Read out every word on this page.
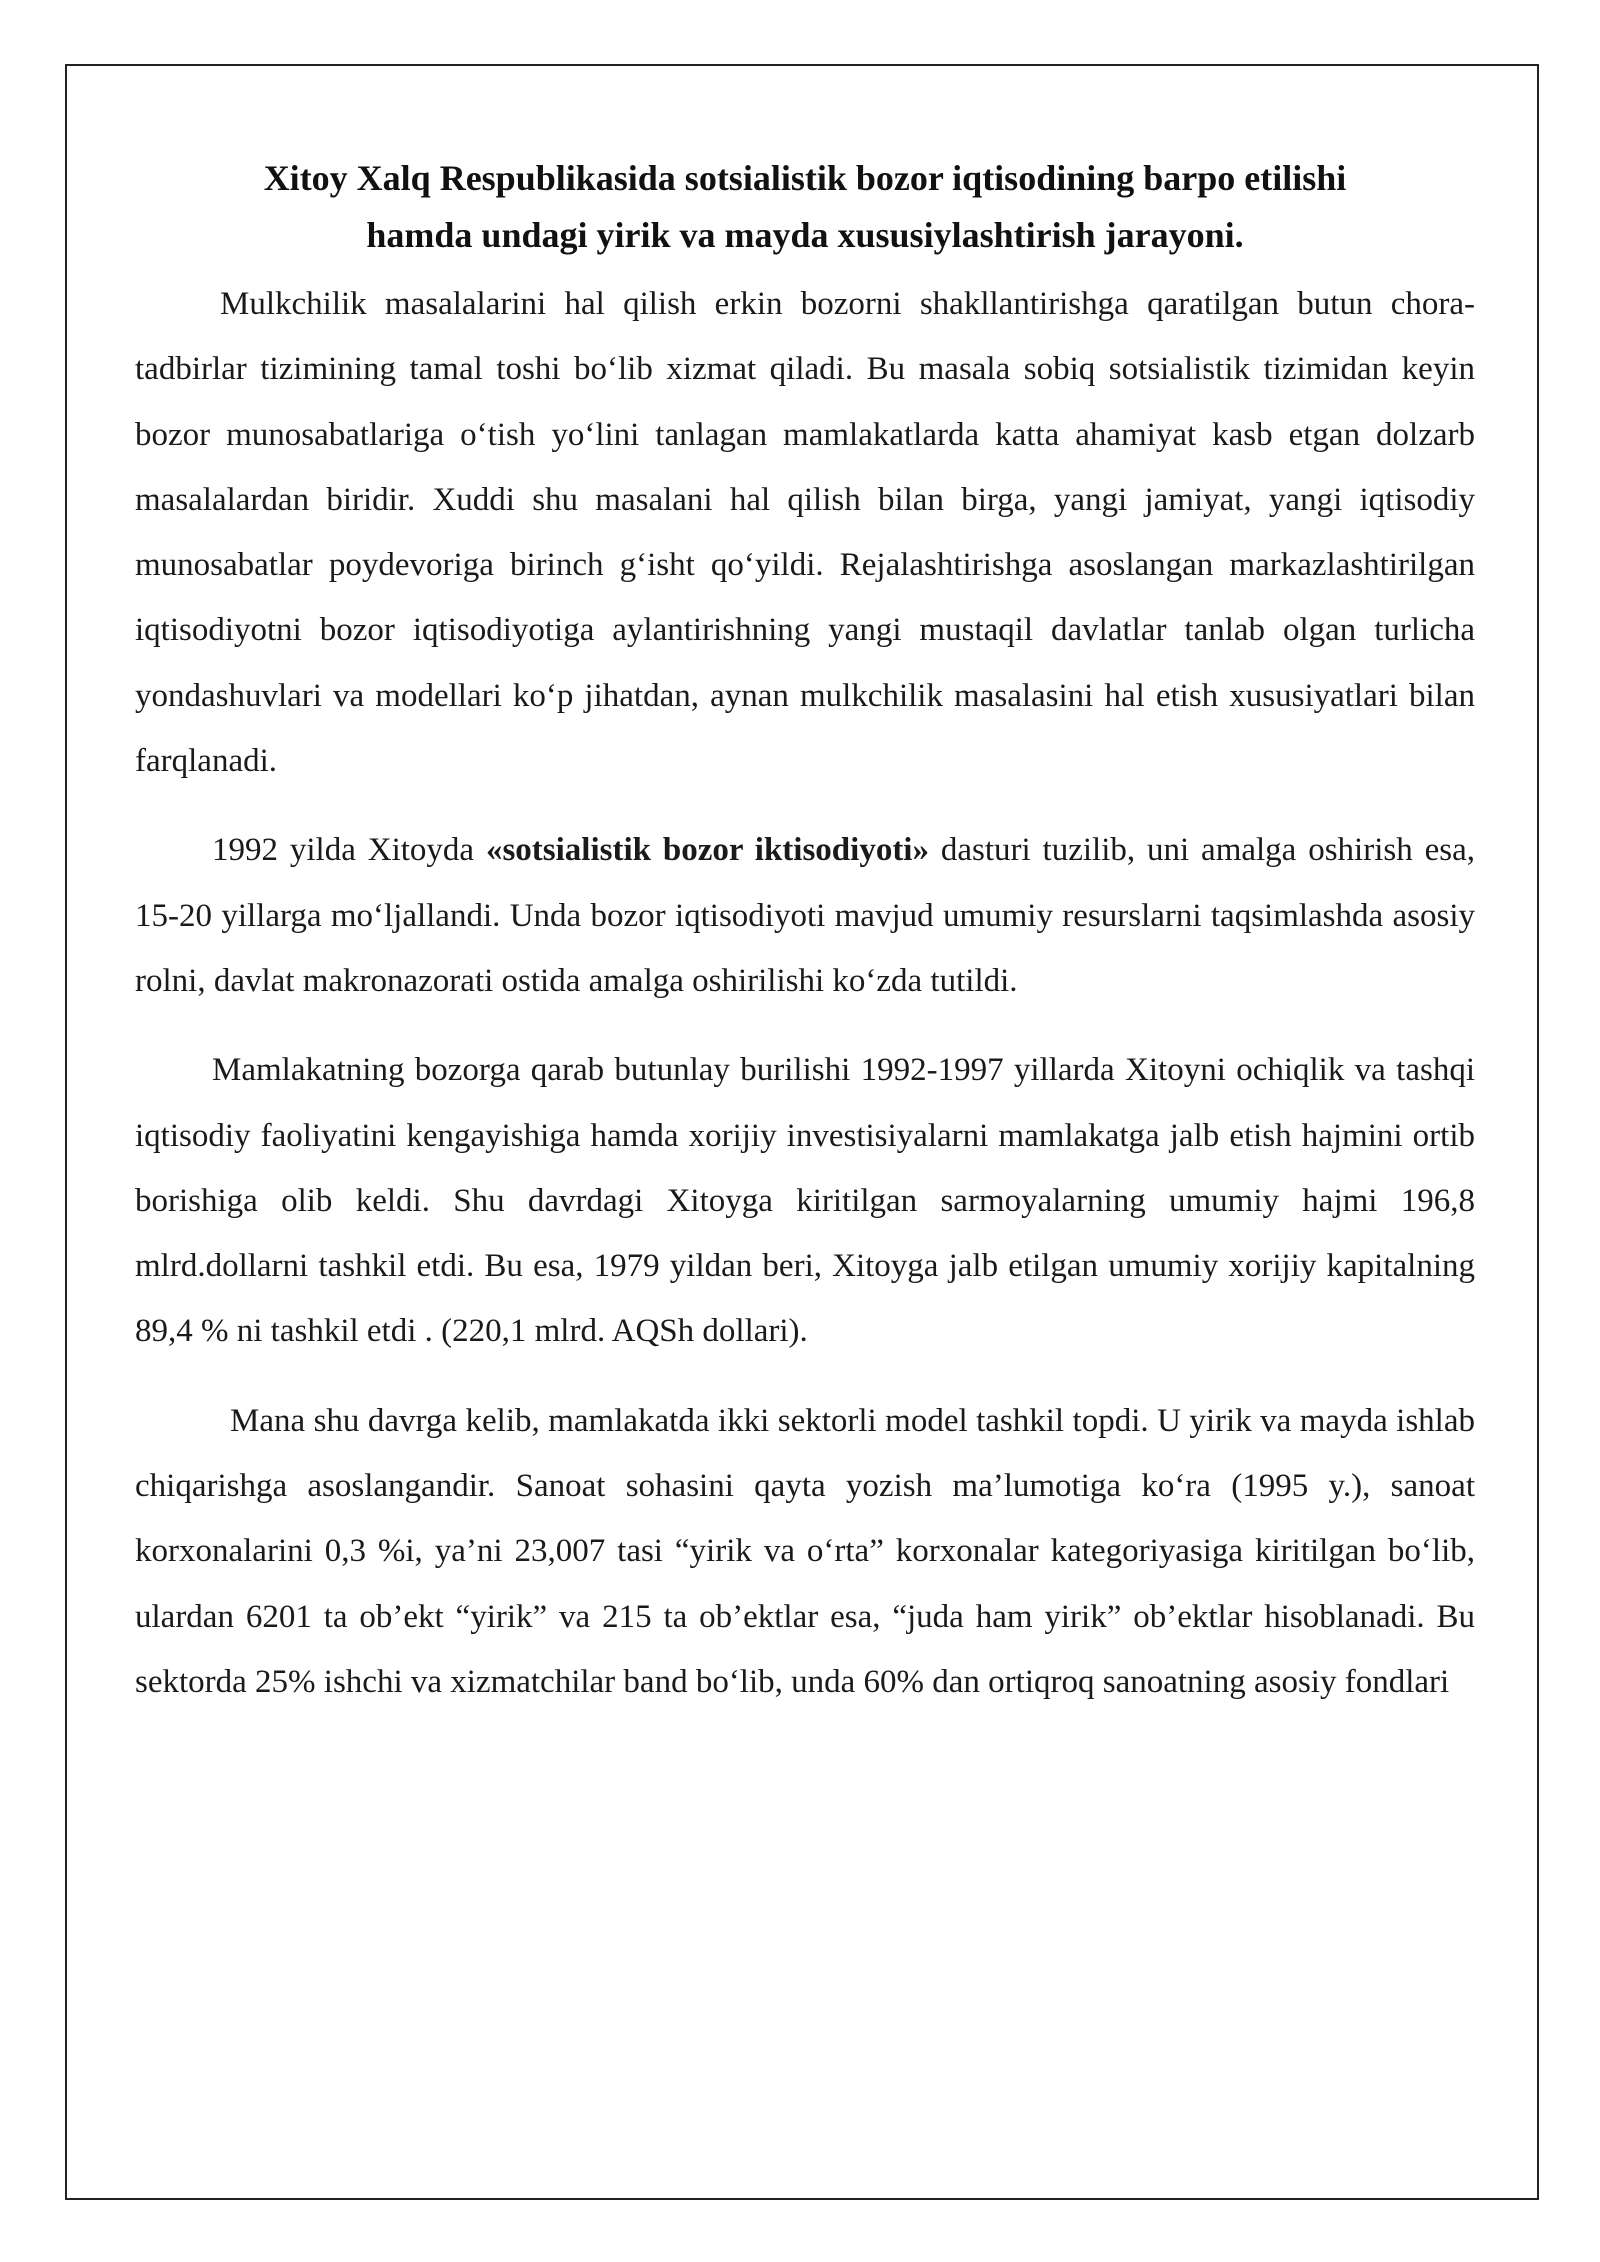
Xitoy Xalq Respublikasida sotsialistik bozor iqtisodining barpo etilishi
hamda undagi yirik va mayda xususiylashtirish jarayoni.

Mulkchilik masalalarini hal qilish erkin bozorni shakllantirishga qaratilgan butun chora-tadbirlar tizimining tamal toshi bo‘lib xizmat qiladi. Bu masala sobiq sotsialistik tizimidan keyin bozor munosabatlariga o‘tish yo‘lini tanlagan mamlakatlarda katta ahamiyat kasb etgan dolzarb masalalardan biridir. Xuddi shu masalani hal qilish bilan birga, yangi jamiyat, yangi iqtisodiy munosabatlar poydevoriga birinch g‘isht qo‘yildi. Rejalashtirishga asoslangan markazlashtirilgan iqtisodiyotni bozor iqtisodiyotiga aylantirishning yangi mustaqil davlatlar tanlab olgan turlicha yondashuvlari va modellari ko‘p jihatdan, aynan mulkchilik masalasini hal etish xususiyatlari bilan farqlanadi.

1992 yilda Xitoyda «sotsialistik bozor iktisodiyoti» dasturi tuzilib, uni amalga oshirish esa, 15-20 yillarga mo‘ljallandi. Unda bozor iqtisodiyoti mavjud umumiy resurslarni taqsimlashda asosiy rolni, davlat makronazorati ostida amalga oshirilishi ko‘zda tutildi.

Mamlakatning bozorga qarab butunlay burilishi 1992-1997 yillarda Xitoyni ochiqlik va tashqi iqtisodiy faoliyatini kengayishiga hamda xorijiy investisiyalarni mamlakatga jalb etish hajmini ortib borishiga olib keldi. Shu davrdagi Xitoyga kiritilgan sarmoyalarning umumiy hajmi 196,8 mlrd.dollarni tashkil etdi. Bu esa, 1979 yildan beri, Xitoyga jalb etilgan umumiy xorijiy kapitalning 89,4 % ni tashkil etdi . (220,1 mlrd. AQSh dollari).

Mana shu davrga kelib, mamlakatda ikki sektorli model tashkil topdi. U yirik va mayda ishlab chiqarishga asoslangandir. Sanoat sohasini qayta yozish ma’lumotiga ko‘ra (1995 y.), sanoat korxonalarini 0,3 %i, ya’ni 23,007 tasi “yirik va o‘rta” korxonalar kategoriyasiga kiritilgan bo‘lib, ulardan 6201 ta ob’ekt “yirik” va 215 ta ob’ektlar esa, “juda ham yirik” ob’ektlar hisoblanadi. Bu sektorda 25% ishchi va xizmatchilar band bo‘lib, unda 60% dan ortiqroq sanoatning asosiy fondlari
